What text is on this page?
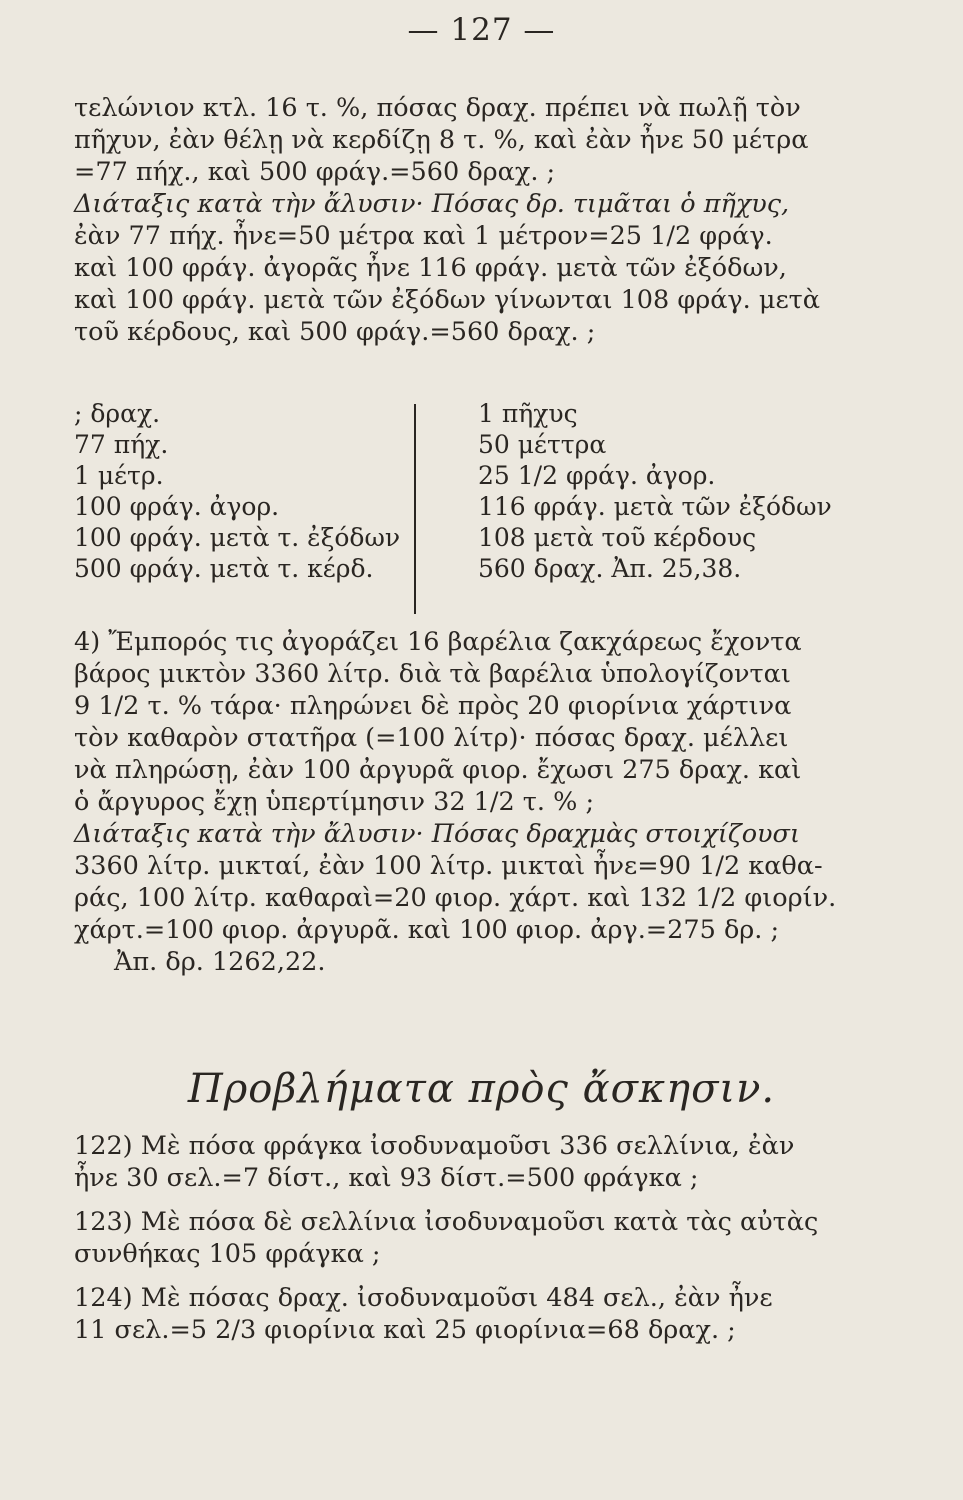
— 127 —
τελώνιον κτλ. 16 τ. %, πόσας δραχ. πρέπει νὰ πωλῇ τὸν
πῆχυν, ἐὰν θέλῃ νὰ κερδίζῃ 8 τ. %, καὶ ἐὰν ἦνε 50 μέτρα
=77 πήχ., καὶ 500 φράγ.=560 δραχ. ;
Διάταξις κατὰ τὴν ἄλυσιν· Πόσας δρ. τιμᾶται ὁ πῆχυς,
ἐὰν 77 πήχ. ἦνε=50 μέτρα καὶ 1 μέτρον=25 1/2 φράγ.
καὶ 100 φράγ. ἀγορᾶς ἦνε 116 φράγ. μετὰ τῶν ἐξόδων,
καὶ 100 φράγ. μετὰ τῶν ἐξόδων γίνωνται 108 φράγ. μετὰ
τοῦ κέρδους, καὶ 500 φράγ.=560 δραχ. ;
; δραχ.
77 πήχ.
1 μέτρ.
100 φράγ. ἀγορ.
100 φράγ. μετὰ τ. ἐξόδων
500 φράγ. μετὰ τ. κέρδ.
1 πῆχυς
50 μέττρα
25 1/2 φράγ. ἀγορ.
116 φράγ. μετὰ τῶν ἐξόδων
108 μετὰ τοῦ κέρδους
560 δραχ. Ἀπ. 25,38.
4) Ἔμπορός τις ἀγοράζει 16 βαρέλια ζακχάρεως ἔχοντα
βάρος μικτὸν 3360 λίτρ. διὰ τὰ βαρέλια ὑπολογίζονται
9 1/2 τ. % τάρα· πληρώνει δὲ πρὸς 20 φιορίνια χάρτινα
τὸν καθαρὸν στατῆρα (=100 λίτρ)· πόσας δραχ. μέλλει
νὰ πληρώσῃ, ἐὰν 100 ἀργυρᾶ φιορ. ἔχωσι 275 δραχ. καὶ
ὁ ἄργυρος ἔχῃ ὑπερτίμησιν 32 1/2 τ. % ;
Διάταξις κατὰ τὴν ἄλυσιν· Πόσας δραχμὰς στοιχίζουσι
3360 λίτρ. μικταί, ἐὰν 100 λίτρ. μικταὶ ἦνε=90 1/2 καθα-
ράς, 100 λίτρ. καθαραὶ=20 φιορ. χάρτ. καὶ 132 1/2 φιορίν.
χάρτ.=100 φιορ. ἀργυρᾶ. καὶ 100 φιορ. ἀργ.=275 δρ. ;
Ἀπ. δρ. 1262,22.
Προβλήματα πρὸς ἄσκησιν.
122) Μὲ πόσα φράγκα ἰσοδυναμοῦσι 336 σελλίνια, ἐὰν
ἦνε 30 σελ.=7 δίστ., καὶ 93 δίστ.=500 φράγκα ;
123) Μὲ πόσα δὲ σελλίνια ἰσοδυναμοῦσι κατὰ τὰς αὐτὰς
συνθήκας 105 φράγκα ;
124) Μὲ πόσας δραχ. ἰσοδυναμοῦσι 484 σελ., ἐὰν ἦνε
11 σελ.=5 2/3 φιορίνια καὶ 25 φιορίνια=68 δραχ. ;
